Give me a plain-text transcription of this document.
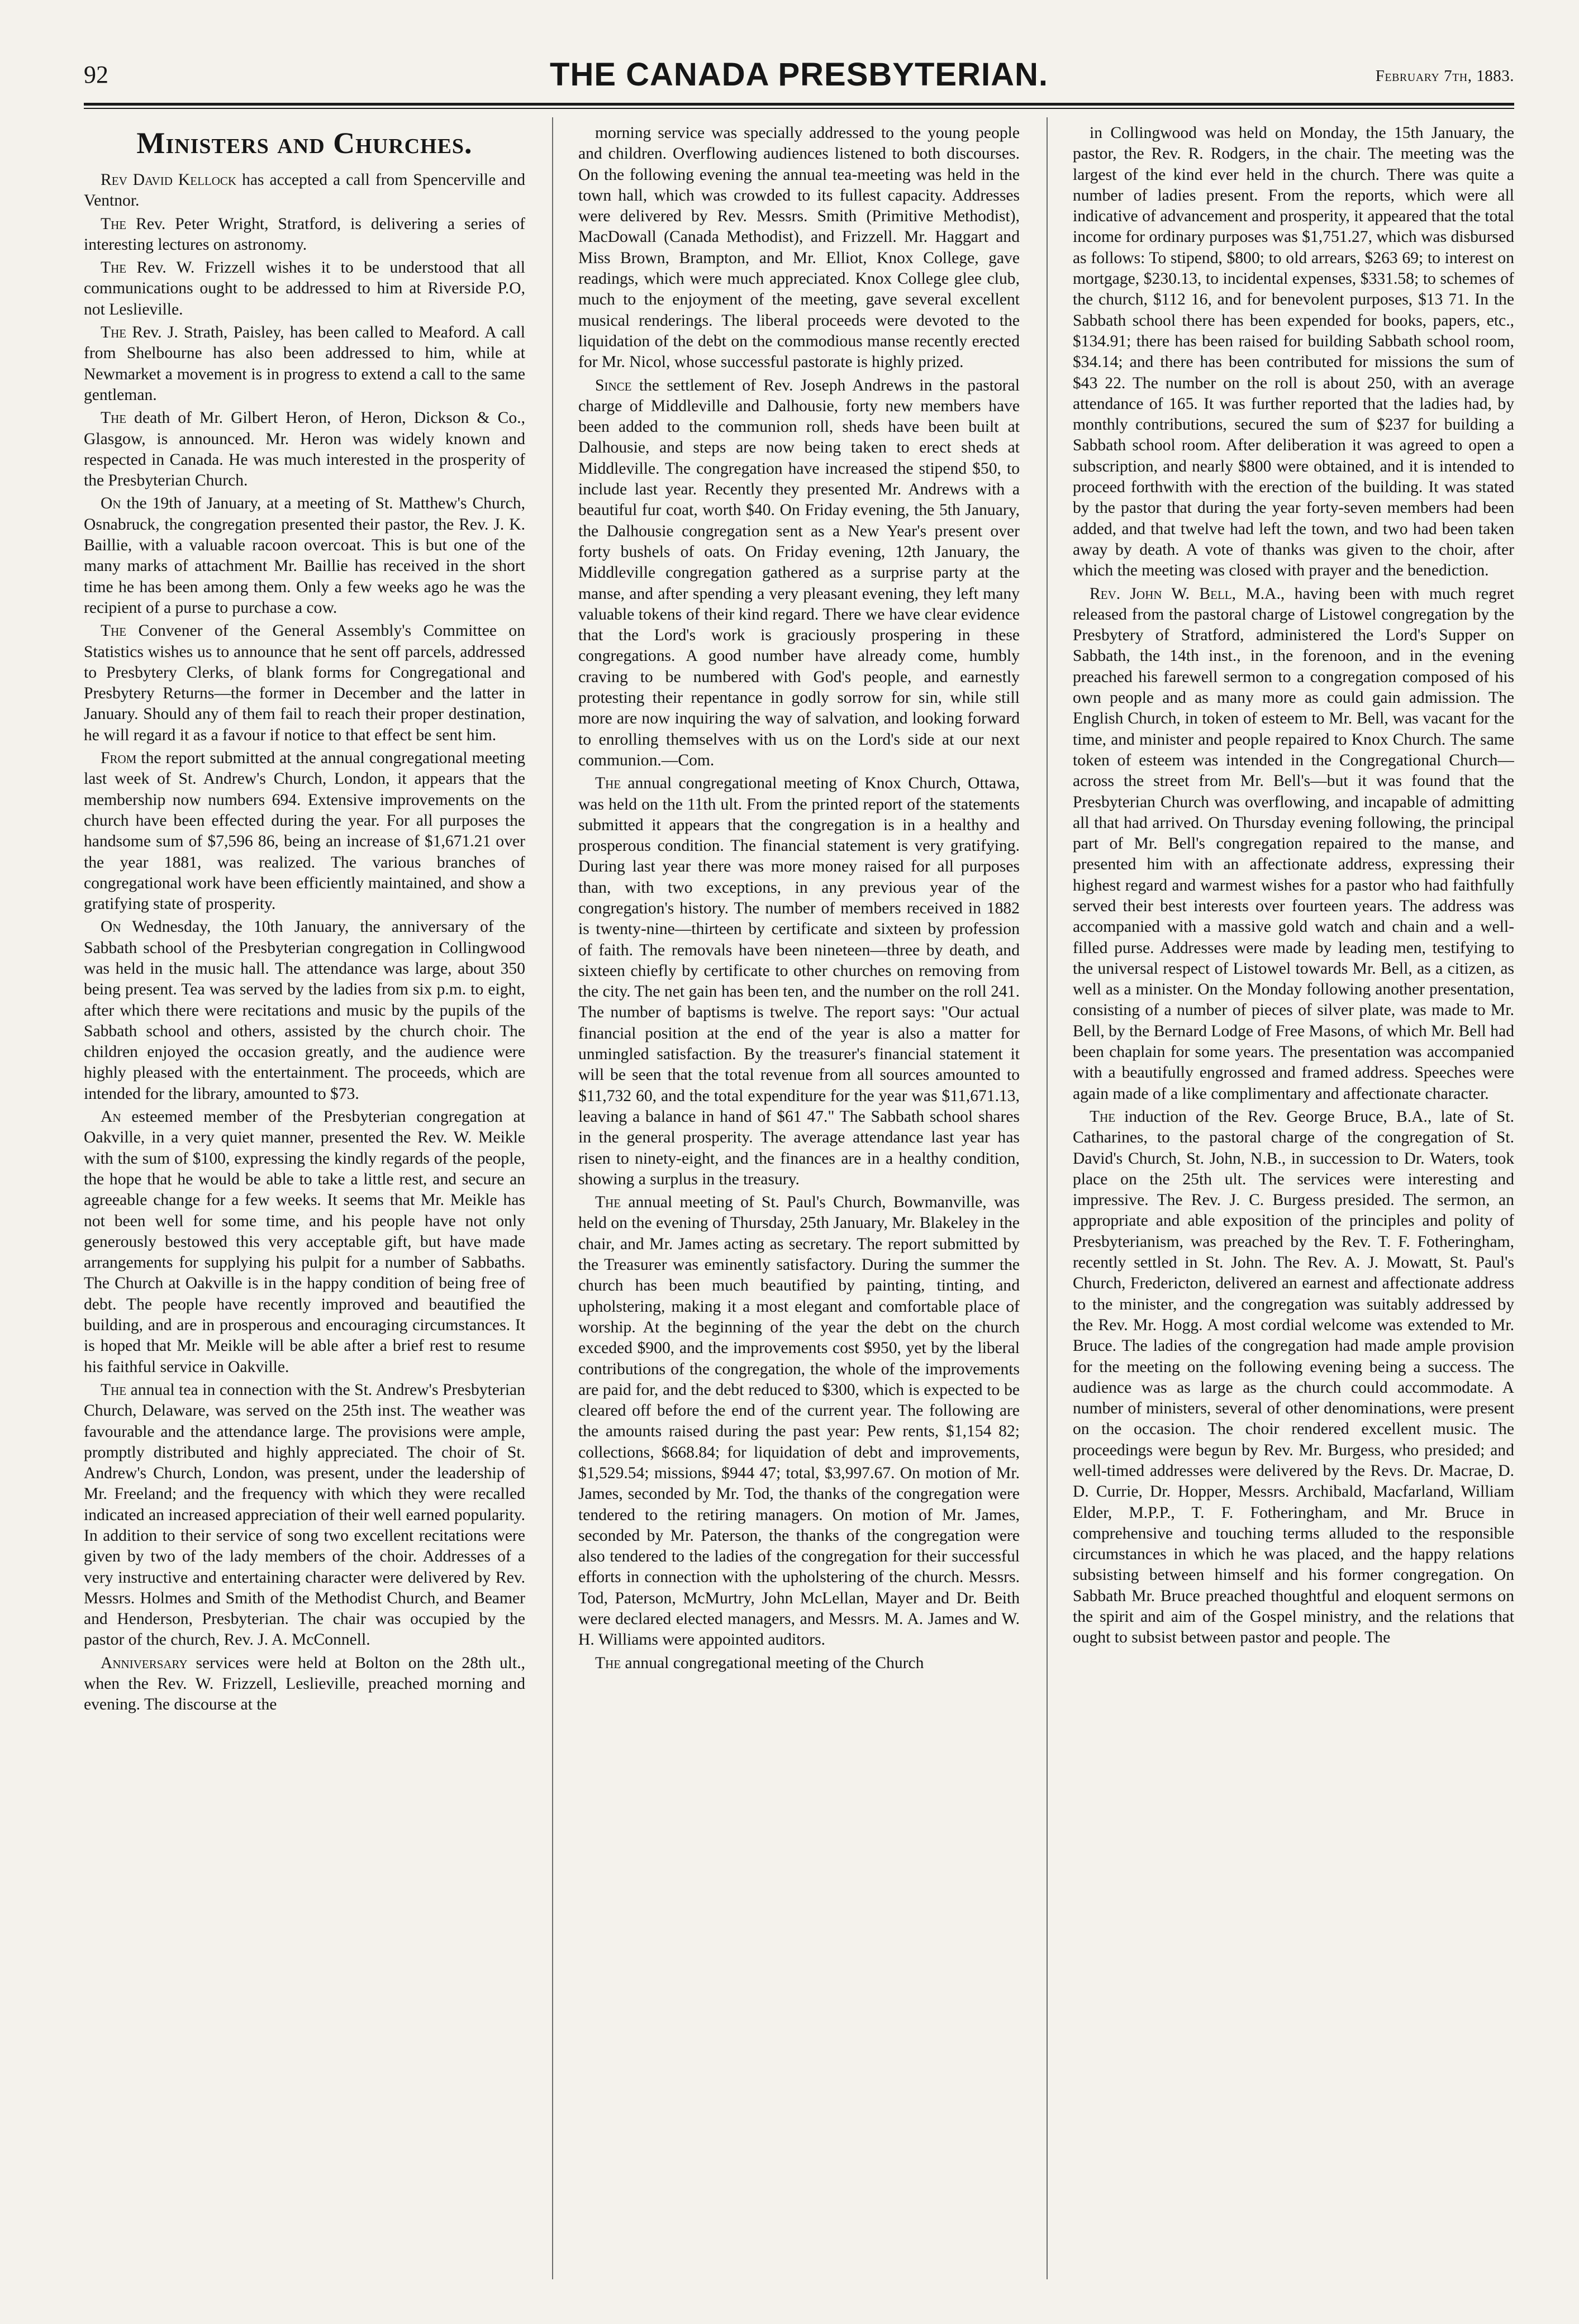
92	THE CANADA PRESBYTERIAN.	February 7th, 1883.
Ministers and Churches.

Rev David Kellock has accepted a call from Spencerville and Ventnor.

The Rev. Peter Wright, Stratford, is delivering a series of interesting lectures on astronomy.

The Rev. W. Frizzell wishes it to be understood that all communications ought to be addressed to him at Riverside P.O, not Leslieville.

The Rev. J. Strath, Paisley, has been called to Meaford. A call from Shelbourne has also been addressed to him, while at Newmarket a movement is in progress to extend a call to the same gentleman.

The death of Mr. Gilbert Heron, of Heron, Dickson & Co., Glasgow, is announced. Mr. Heron was widely known and respected in Canada. He was much interested in the prosperity of the Presbyterian Church.

On the 19th of January, at a meeting of St. Matthew's Church, Osnabruck, the congregation presented their pastor, the Rev. J. K. Baillie, with a valuable racoon overcoat. This is but one of the many marks of attachment Mr. Baillie has received in the short time he has been among them. Only a few weeks ago he was the recipient of a purse to purchase a cow.

The Convener of the General Assembly's Committee on Statistics wishes us to announce that he sent off parcels, addressed to Presbytery Clerks, of blank forms for Congregational and Presbytery Returns—the former in December and the latter in January. Should any of them fail to reach their proper destination, he will regard it as a favour if notice to that effect be sent him.

From the report submitted at the annual congregational meeting last week of St. Andrew's Church, London, it appears that the membership now numbers 694. Extensive improvements on the church have been effected during the year. For all purposes the handsome sum of $7,596 86, being an increase of $1,671.21 over the year 1881, was realized. The various branches of congregational work have been efficiently maintained, and show a gratifying state of prosperity.

On Wednesday, the 10th January, the anniversary of the Sabbath school of the Presbyterian congregation in Collingwood was held in the music hall. The attendance was large, about 350 being present. Tea was served by the ladies from six p.m. to eight, after which there were recitations and music by the pupils of the Sabbath school and others, assisted by the church choir. The children enjoyed the occasion greatly, and the audience were highly pleased with the entertainment. The proceeds, which are intended for the library, amounted to $73.

An esteemed member of the Presbyterian congregation at Oakville, in a very quiet manner, presented the Rev. W. Meikle with the sum of $100, expressing the kindly regards of the people, the hope that he would be able to take a little rest, and secure an agreeable change for a few weeks. It seems that Mr. Meikle has not been well for some time, and his people have not only generously bestowed this very acceptable gift, but have made arrangements for supplying his pulpit for a number of Sabbaths. The Church at Oakville is in the happy condition of being free of debt. The people have recently improved and beautified the building, and are in prosperous and encouraging circumstances. It is hoped that Mr. Meikle will be able after a brief rest to resume his faithful service in Oakville.

The annual tea in connection with the St. Andrew's Presbyterian Church, Delaware, was served on the 25th inst. The weather was favourable and the attendance large. The provisions were ample, promptly distributed and highly appreciated. The choir of St. Andrew's Church, London, was present, under the leadership of Mr. Freeland; and the frequency with which they were recalled indicated an increased appreciation of their well earned popularity. In addition to their service of song two excellent recitations were given by two of the lady members of the choir. Addresses of a very instructive and entertaining character were delivered by Rev. Messrs. Holmes and Smith of the Methodist Church, and Beamer and Henderson, Presbyterian. The chair was occupied by the pastor of the church, Rev. J. A. McConnell.

Anniversary services were held at Bolton on the 28th ult., when the Rev. W. Frizzell, Leslieville, preached morning and evening. The discourse at the

morning service was specially addressed to the young people and children. Overflowing audiences listened to both discourses. On the following evening the annual tea-meeting was held in the town hall, which was crowded to its fullest capacity. Addresses were delivered by Rev. Messrs. Smith (Primitive Methodist), MacDowall (Canada Methodist), and Frizzell. Mr. Haggart and Miss Brown, Brampton, and Mr. Elliot, Knox College, gave readings, which were much appreciated. Knox College glee club, much to the enjoyment of the meeting, gave several excellent musical renderings. The liberal proceeds were devoted to the liquidation of the debt on the commodious manse recently erected for Mr. Nicol, whose successful pastorate is highly prized.

Since the settlement of Rev. Joseph Andrews in the pastoral charge of Middleville and Dalhousie, forty new members have been added to the communion roll, sheds have been built at Dalhousie, and steps are now being taken to erect sheds at Middleville. The congregation have increased the stipend $50, to include last year. Recently they presented Mr. Andrews with a beautiful fur coat, worth $40. On Friday evening, the 5th January, the Dalhousie congregation sent as a New Year's present over forty bushels of oats. On Friday evening, 12th January, the Middleville congregation gathered as a surprise party at the manse, and after spending a very pleasant evening, they left many valuable tokens of their kind regard. There we have clear evidence that the Lord's work is graciously prospering in these congregations. A good number have already come, humbly craving to be numbered with God's people, and earnestly protesting their repentance in godly sorrow for sin, while still more are now inquiring the way of salvation, and looking forward to enrolling themselves with us on the Lord's side at our next communion.—Com.

The annual congregational meeting of Knox Church, Ottawa, was held on the 11th ult. From the printed report of the statements submitted it appears that the congregation is in a healthy and prosperous condition. The financial statement is very gratifying. During last year there was more money raised for all purposes than, with two exceptions, in any previous year of the congregation's history. The number of members received in 1882 is twenty-nine—thirteen by certificate and sixteen by profession of faith. The removals have been nineteen—three by death, and sixteen chiefly by certificate to other churches on removing from the city. The net gain has been ten, and the number on the roll 241. The number of baptisms is twelve. The report says: "Our actual financial position at the end of the year is also a matter for unmingled satisfaction. By the treasurer's financial statement it will be seen that the total revenue from all sources amounted to $11,732 60, and the total expenditure for the year was $11,671.13, leaving a balance in hand of $61 47." The Sabbath school shares in the general prosperity. The average attendance last year has risen to ninety-eight, and the finances are in a healthy condition, showing a surplus in the treasury.

The annual meeting of St. Paul's Church, Bowmanville, was held on the evening of Thursday, 25th January, Mr. Blakeley in the chair, and Mr. James acting as secretary. The report submitted by the Treasurer was eminently satisfactory. During the summer the church has been much beautified by painting, tinting, and upholstering, making it a most elegant and comfortable place of worship. At the beginning of the year the debt on the church exceded $900, and the improvements cost $950, yet by the liberal contributions of the congregation, the whole of the improvements are paid for, and the debt reduced to $300, which is expected to be cleared off before the end of the current year. The following are the amounts raised during the past year: Pew rents, $1,154 82; collections, $668.84; for liquidation of debt and improvements, $1,529.54; missions, $944 47; total, $3,997.67. On motion of Mr. James, seconded by Mr. Tod, the thanks of the congregation were tendered to the retiring managers. On motion of Mr. James, seconded by Mr. Paterson, the thanks of the congregation were also tendered to the ladies of the congregation for their successful efforts in connection with the upholstering of the church. Messrs. Tod, Paterson, McMurtry, John McLellan, Mayer and Dr. Beith were declared elected managers, and Messrs. M. A. James and W. H. Williams were appointed auditors.

The annual congregational meeting of the Church

in Collingwood was held on Monday, the 15th January, the pastor, the Rev. R. Rodgers, in the chair. The meeting was the largest of the kind ever held in the church. There was quite a number of ladies present. From the reports, which were all indicative of advancement and prosperity, it appeared that the total income for ordinary purposes was $1,751.27, which was disbursed as follows: To stipend, $800; to old arrears, $263 69; to interest on mortgage, $230.13, to incidental expenses, $331.58; to schemes of the church, $112 16, and for benevolent purposes, $13 71. In the Sabbath school there has been expended for books, papers, etc., $134.91; there has been raised for building Sabbath school room, $34.14; and there has been contributed for missions the sum of $43 22. The number on the roll is about 250, with an average attendance of 165. It was further reported that the ladies had, by monthly contributions, secured the sum of $237 for building a Sabbath school room. After deliberation it was agreed to open a subscription, and nearly $800 were obtained, and it is intended to proceed forthwith with the erection of the building. It was stated by the pastor that during the year forty-seven members had been added, and that twelve had left the town, and two had been taken away by death. A vote of thanks was given to the choir, after which the meeting was closed with prayer and the benediction.

Rev. John W. Bell, M.A., having been with much regret released from the pastoral charge of Listowel congregation by the Presbytery of Stratford, administered the Lord's Supper on Sabbath, the 14th inst., in the forenoon, and in the evening preached his farewell sermon to a congregation composed of his own people and as many more as could gain admission. The English Church, in token of esteem to Mr. Bell, was vacant for the time, and minister and people repaired to Knox Church. The same token of esteem was intended in the Congregational Church—across the street from Mr. Bell's—but it was found that the Presbyterian Church was overflowing, and incapable of admitting all that had arrived. On Thursday evening following, the principal part of Mr. Bell's congregation repaired to the manse, and presented him with an affectionate address, expressing their highest regard and warmest wishes for a pastor who had faithfully served their best interests over fourteen years. The address was accompanied with a massive gold watch and chain and a well-filled purse. Addresses were made by leading men, testifying to the universal respect of Listowel towards Mr. Bell, as a citizen, as well as a minister. On the Monday following another presentation, consisting of a number of pieces of silver plate, was made to Mr. Bell, by the Bernard Lodge of Free Masons, of which Mr. Bell had been chaplain for some years. The presentation was accompanied with a beautifully engrossed and framed address. Speeches were again made of a like complimentary and affectionate character.

The induction of the Rev. George Bruce, B.A., late of St. Catharines, to the pastoral charge of the congregation of St. David's Church, St. John, N.B., in succession to Dr. Waters, took place on the 25th ult. The services were interesting and impressive. The Rev. J. C. Burgess presided. The sermon, an appropriate and able exposition of the principles and polity of Presbyterianism, was preached by the Rev. T. F. Fotheringham, recently settled in St. John. The Rev. A. J. Mowatt, St. Paul's Church, Fredericton, delivered an earnest and affectionate address to the minister, and the congregation was suitably addressed by the Rev. Mr. Hogg. A most cordial welcome was extended to Mr. Bruce. The ladies of the congregation had made ample provision for the meeting on the following evening being a success. The audience was as large as the church could accommodate. A number of ministers, several of other denominations, were present on the occasion. The choir rendered excellent music. The proceedings were begun by Rev. Mr. Burgess, who presided; and well-timed addresses were delivered by the Revs. Dr. Macrae, D. D. Currie, Dr. Hopper, Messrs. Archibald, Macfarland, William Elder, M.P.P., T. F. Fotheringham, and Mr. Bruce in comprehensive and touching terms alluded to the responsible circumstances in which he was placed, and the happy relations subsisting between himself and his former congregation. On Sabbath Mr. Bruce preached thoughtful and eloquent sermons on the spirit and aim of the Gospel ministry, and the relations that ought to subsist between pastor and people. The
